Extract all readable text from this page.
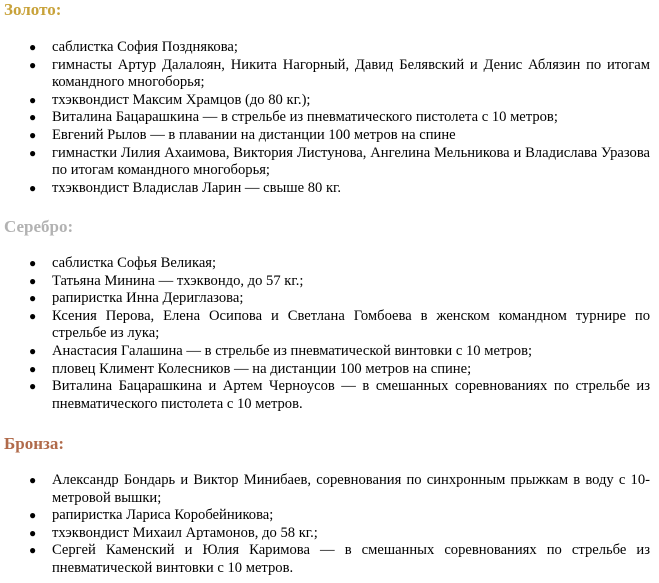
Золото:
● саблистка София Позднякова;
● гимнасты Артур Далалоян, Никита Нагорный, Давид Белявский и Денис Аблязин по итогам командного многоборья;
● тхэквондист Максим Храмцов (до 80 кг.);
● Виталина Бацарашкина — в стрельбе из пневматического пистолета с 10 метров;
● Евгений Рылов — в плавании на дистанции 100 метров на спине
● гимнастки Лилия Ахаимова, Виктория Листунова, Ангелина Мельникова и Владислава Уразова по итогам командного многоборья;
● тхэквондист Владислав Ларин — свыше 80 кг.
Серебро:
● саблистка Софья Великая;
● Татьяна Минина — тхэквондо, до 57 кг.;
● рапиристка Инна Дериглазова;
● Ксения Перова, Елена Осипова и Светлана Гомбоева в женском командном турнире по стрельбе из лука;
● Анастасия Галашина — в стрельбе из пневматической винтовки с 10 метров;
● пловец Климент Колесников — на дистанции 100 метров на спине;
● Виталина Бацарашкина и Артем Черноусов — в смешанных соревнованиях по стрельбе из пневматического пистолета с 10 метров.
Бронза:
● Александр Бондарь и Виктор Минибаев, соревнования по синхронным прыжкам в воду с 10-метровой вышки;
● рапиристка Лариса Коробейникова;
● тхэквондист Михаил Артамонов, до 58 кг.;
● Сергей Каменский и Юлия Каримова — в смешанных соревнованиях по стрельбе из пневматической винтовки с 10 метров.
